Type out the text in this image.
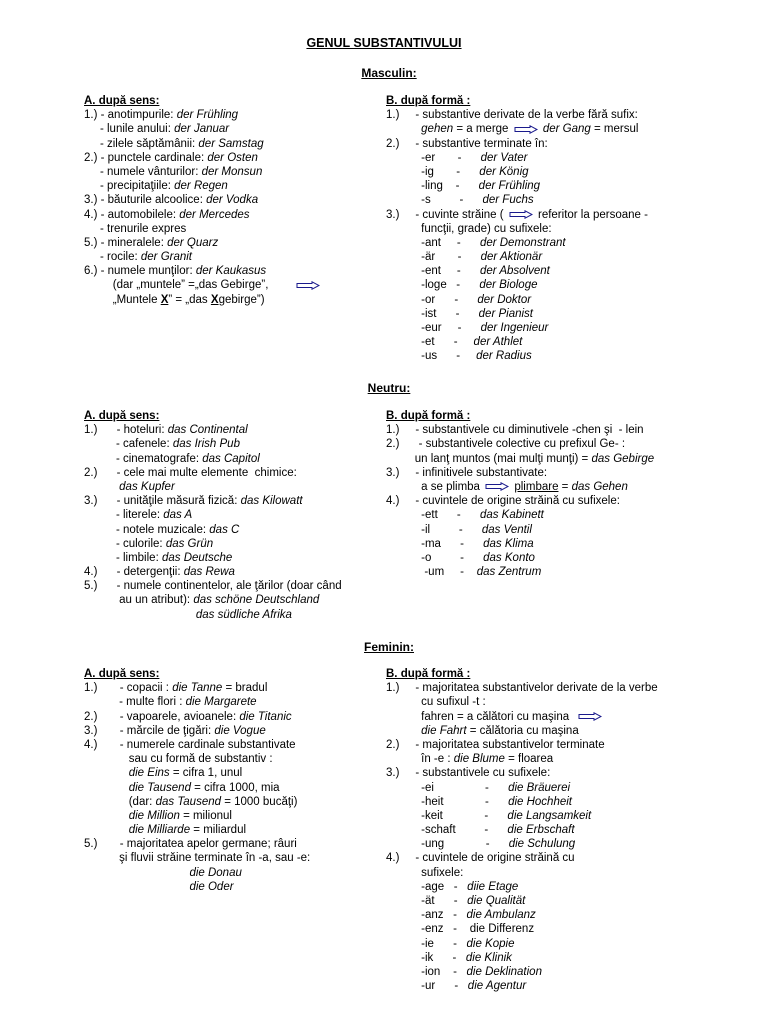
GENUL SUBSTANTIVULUI
Masculin:
A. după sens:
1.) - anotimpurile: der Frühling
- lunile anului: der Januar
- zilele săptămânii: der Samstag
2.) - punctele cardinale: der Osten
- numele vânturilor: der Monsun
- precipitaţiile: der Regen
3.) - băuturile alcoolice: der Vodka
4.) - automobilele: der Mercedes
- trenurile expres
5.) - mineralele: der Quarz
- rocile: der Granit
6.) - numele munţilor: der Kaukasus
(dar „muntele” =„das Gebirge”,
„Muntele X” = „das Xgebirge”)
B. după formă :
1.)     - substantive derivate de la verbe fără sufix:
gehen = a merge	der Gang = mersul
2.)     - substantive terminate în:
-er       -      der Vater
-ig       -      der König
-ling    -      der Frühling
-s         -      der Fuchs
3.)     - cuvinte străine (  referitor la persoane -
funcţii, grade) cu sufixele:
-ant     -      der Demonstrant
-är       -      der Aktionär
-ent     -      der Absolvent
-loge   -      der Biologe
-or      -      der Doktor
-ist      -      der Pianist
-eur     -      der Ingenieur
-et      -     der Athlet
-us      -     der Radius
Neutru:
A. după sens:
1.)      - hoteluri: das Continental
- cafenele: das Irish Pub
- cinematografe: das Capitol
2.)      - cele mai multe elemente  chimice:
das Kupfer
3.)      - unităţile măsură fizică: das Kilowatt
- literele: das A
- notele muzicale: das C
- culorile: das Grün
- limbile: das Deutsche
4.)      - detergenţii: das Rewa
5.)      - numele continentelor, ale ţărilor (doar când
au un atribut): das schöne Deutschland
das südliche Afrika
B. după formă :
1.)     - substantivele cu diminutivele -chen şi  - lein
2.)      - substantivele colective cu prefixul Ge- :
un lanţ muntos (mai mulţi munţi) = das Gebirge
3.)     - infinitivele substantivate:
a se plimba	plimbare = das Gehen
4.)     - cuvintele de origine străină cu sufixele:
-ett      -      das Kabinett
-il         -      das Ventil
-ma      -      das Klima
-o         -      das Konto
-um     -    das Zentrum
Feminin:
A. după sens:
1.)       - copacii : die Tanne = bradul
- multe flori : die Margarete
2.)       - vapoarele, avioanele: die Titanic
3.)       - mărcile de ţigări: die Vogue
4.)       - numerele cardinale substantivate
sau cu formă de substantiv :
die Eins = cifra 1, unul
die Tausend = cifra 1000, mia
(dar: das Tausend = 1000 bucăţi)
die Million = milionul
die Milliarde = miliardul
5.)       - majoritatea apelor germane; râuri
şi fluvii străine terminate în -a, sau -e:
die Donau
die Oder
B. după formă :
1.)     - majoritatea substantivelor derivate de la verbe
cu sufixul -t :
fahren = a călători cu maşina
die Fahrt = călătoria cu maşina
2.)     - majoritatea substantivelor terminate
în -e : die Blume = floarea
3.)     - substantivele cu sufixele:
-ei                -      die Bräuerei
-heit             -      die Hochheit
-keit             -      die Langsamkeit
-schaft         -      die Erbschaft
-ung             -      die Schulung
4.)     - cuvintele de origine străină cu
sufixele:
-age   -   diie Etage
-ät      -   die Qualität
-anz   -   die Ambulanz
-enz   -    die Differenz
-ie      -   die Kopie
-ik      -   die Klinik
-ion    -   die Deklination
-ur      -   die Agentur
